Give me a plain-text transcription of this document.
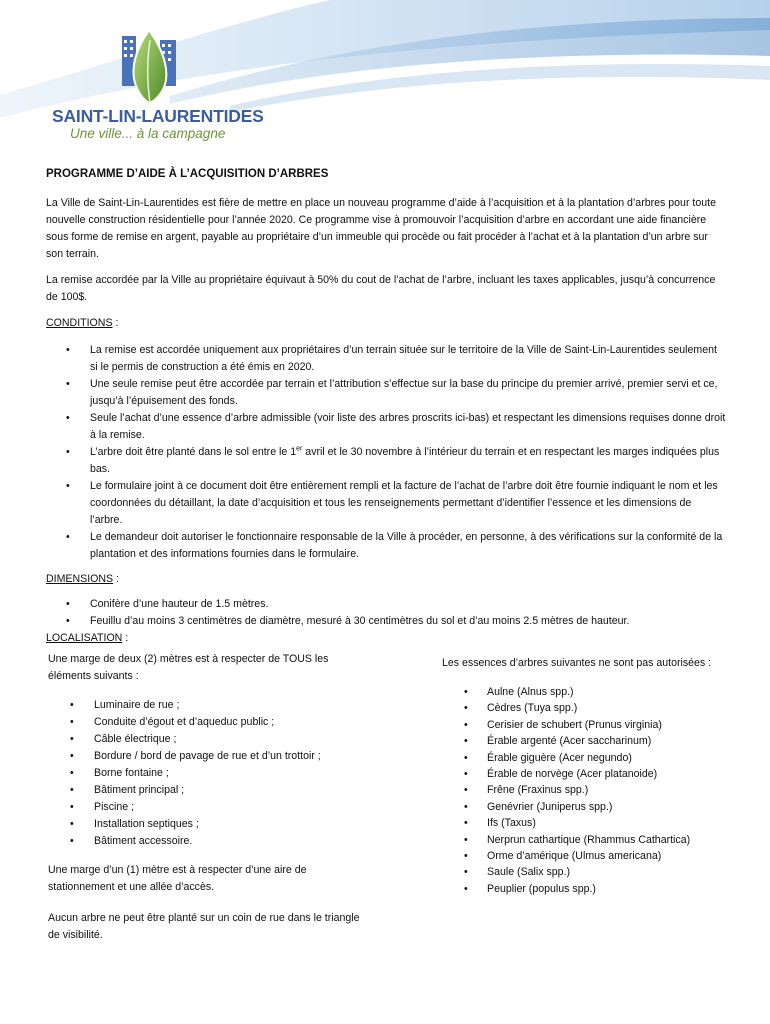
SAINT-LIN-LAURENTIDES
Une ville... à la campagne
PROGRAMME D’AIDE À L’ACQUISITION D’ARBRES

La Ville de Saint-Lin-Laurentides est fière de mettre en place un nouveau programme d’aide à l’acquisition et à la plantation d’arbres pour toute nouvelle construction résidentielle pour l’année 2020. Ce programme vise à promouvoir l’acquisition d’arbre en accordant une aide financière sous forme de remise en argent, payable au propriétaire d’un immeuble qui procède ou fait procéder à l’achat et à la plantation d’un arbre sur son terrain.

La remise accordée par la Ville au propriétaire équivaut à 50% du cout de l’achat de l’arbre, incluant les taxes applicables, jusqu’à concurrence de 100$.

CONDITIONS :
• La remise est accordée uniquement aux propriétaires d’un terrain située sur le territoire de la Ville de Saint-Lin-Laurentides seulement si le permis de construction a été émis en 2020.
• Une seule remise peut être accordée par terrain et l’attribution s’effectue sur la base du principe du premier arrivé, premier servi et ce, jusqu’à l’épuisement des fonds.
• Seule l’achat d’une essence d’arbre admissible (voir liste des arbres proscrits ici-bas) et respectant les dimensions requises donne droit à la remise.
• L’arbre doit être planté dans le sol entre le 1er avril et le 30 novembre à l’intérieur du terrain et en respectant les marges indiquées plus bas.
• Le formulaire joint à ce document doit être entièrement rempli et la facture de l’achat de l’arbre doit être fournie indiquant le nom et les coordonnées du détaillant, la date d’acquisition et tous les renseignements permettant d’identifier l’essence et les dimensions de l’arbre.
• Le demandeur doit autoriser le fonctionnaire responsable de la Ville à procéder, en personne, à des vérifications sur la conformité de la plantation et des informations fournies dans le formulaire.
DIMENSIONS :
• Conifère d’une hauteur de 1.5 mètres.
• Feuillu d’au moins 3 centimètres de diamètre, mesuré à 30 centimètres du sol et d’au moins 2.5 mètres de hauteur.
LOCALISATION :

Une marge de deux (2) mètres est à respecter de TOUS les éléments suivants :

• Luminaire de rue ;
• Conduite d’égout et d’aqueduc public ;
• Câble électrique ;
• Bordure / bord de pavage de rue et d’un trottoir ;
• Borne fontaine ;
• Bâtiment principal ;
• Piscine ;
• Installation septiques ;
• Bâtiment accessoire.

Une marge d’un (1) mètre est à respecter d’une aire de stationnement et une allée d’accès.

Aucun arbre ne peut être planté sur un coin de rue dans le triangle de visibilité.

Les essences d’arbres suivantes ne sont pas autorisées :

• Aulne (Alnus spp.)
• Cèdres (Tuya spp.)
• Cerisier de schubert (Prunus virginia)
• Érable argenté (Acer saccharinum)
• Érable giguère (Acer negundo)
• Érable de norvège (Acer platanoide)
• Frêne (Fraxinus spp.)
• Genévrier (Juniperus spp.)
• Ifs (Taxus)
• Nerprun cathartique (Rhammus Cathartica)
• Orme d’amérique (Ulmus americana)
• Saule (Salix spp.)
• Peuplier (populus spp.)
